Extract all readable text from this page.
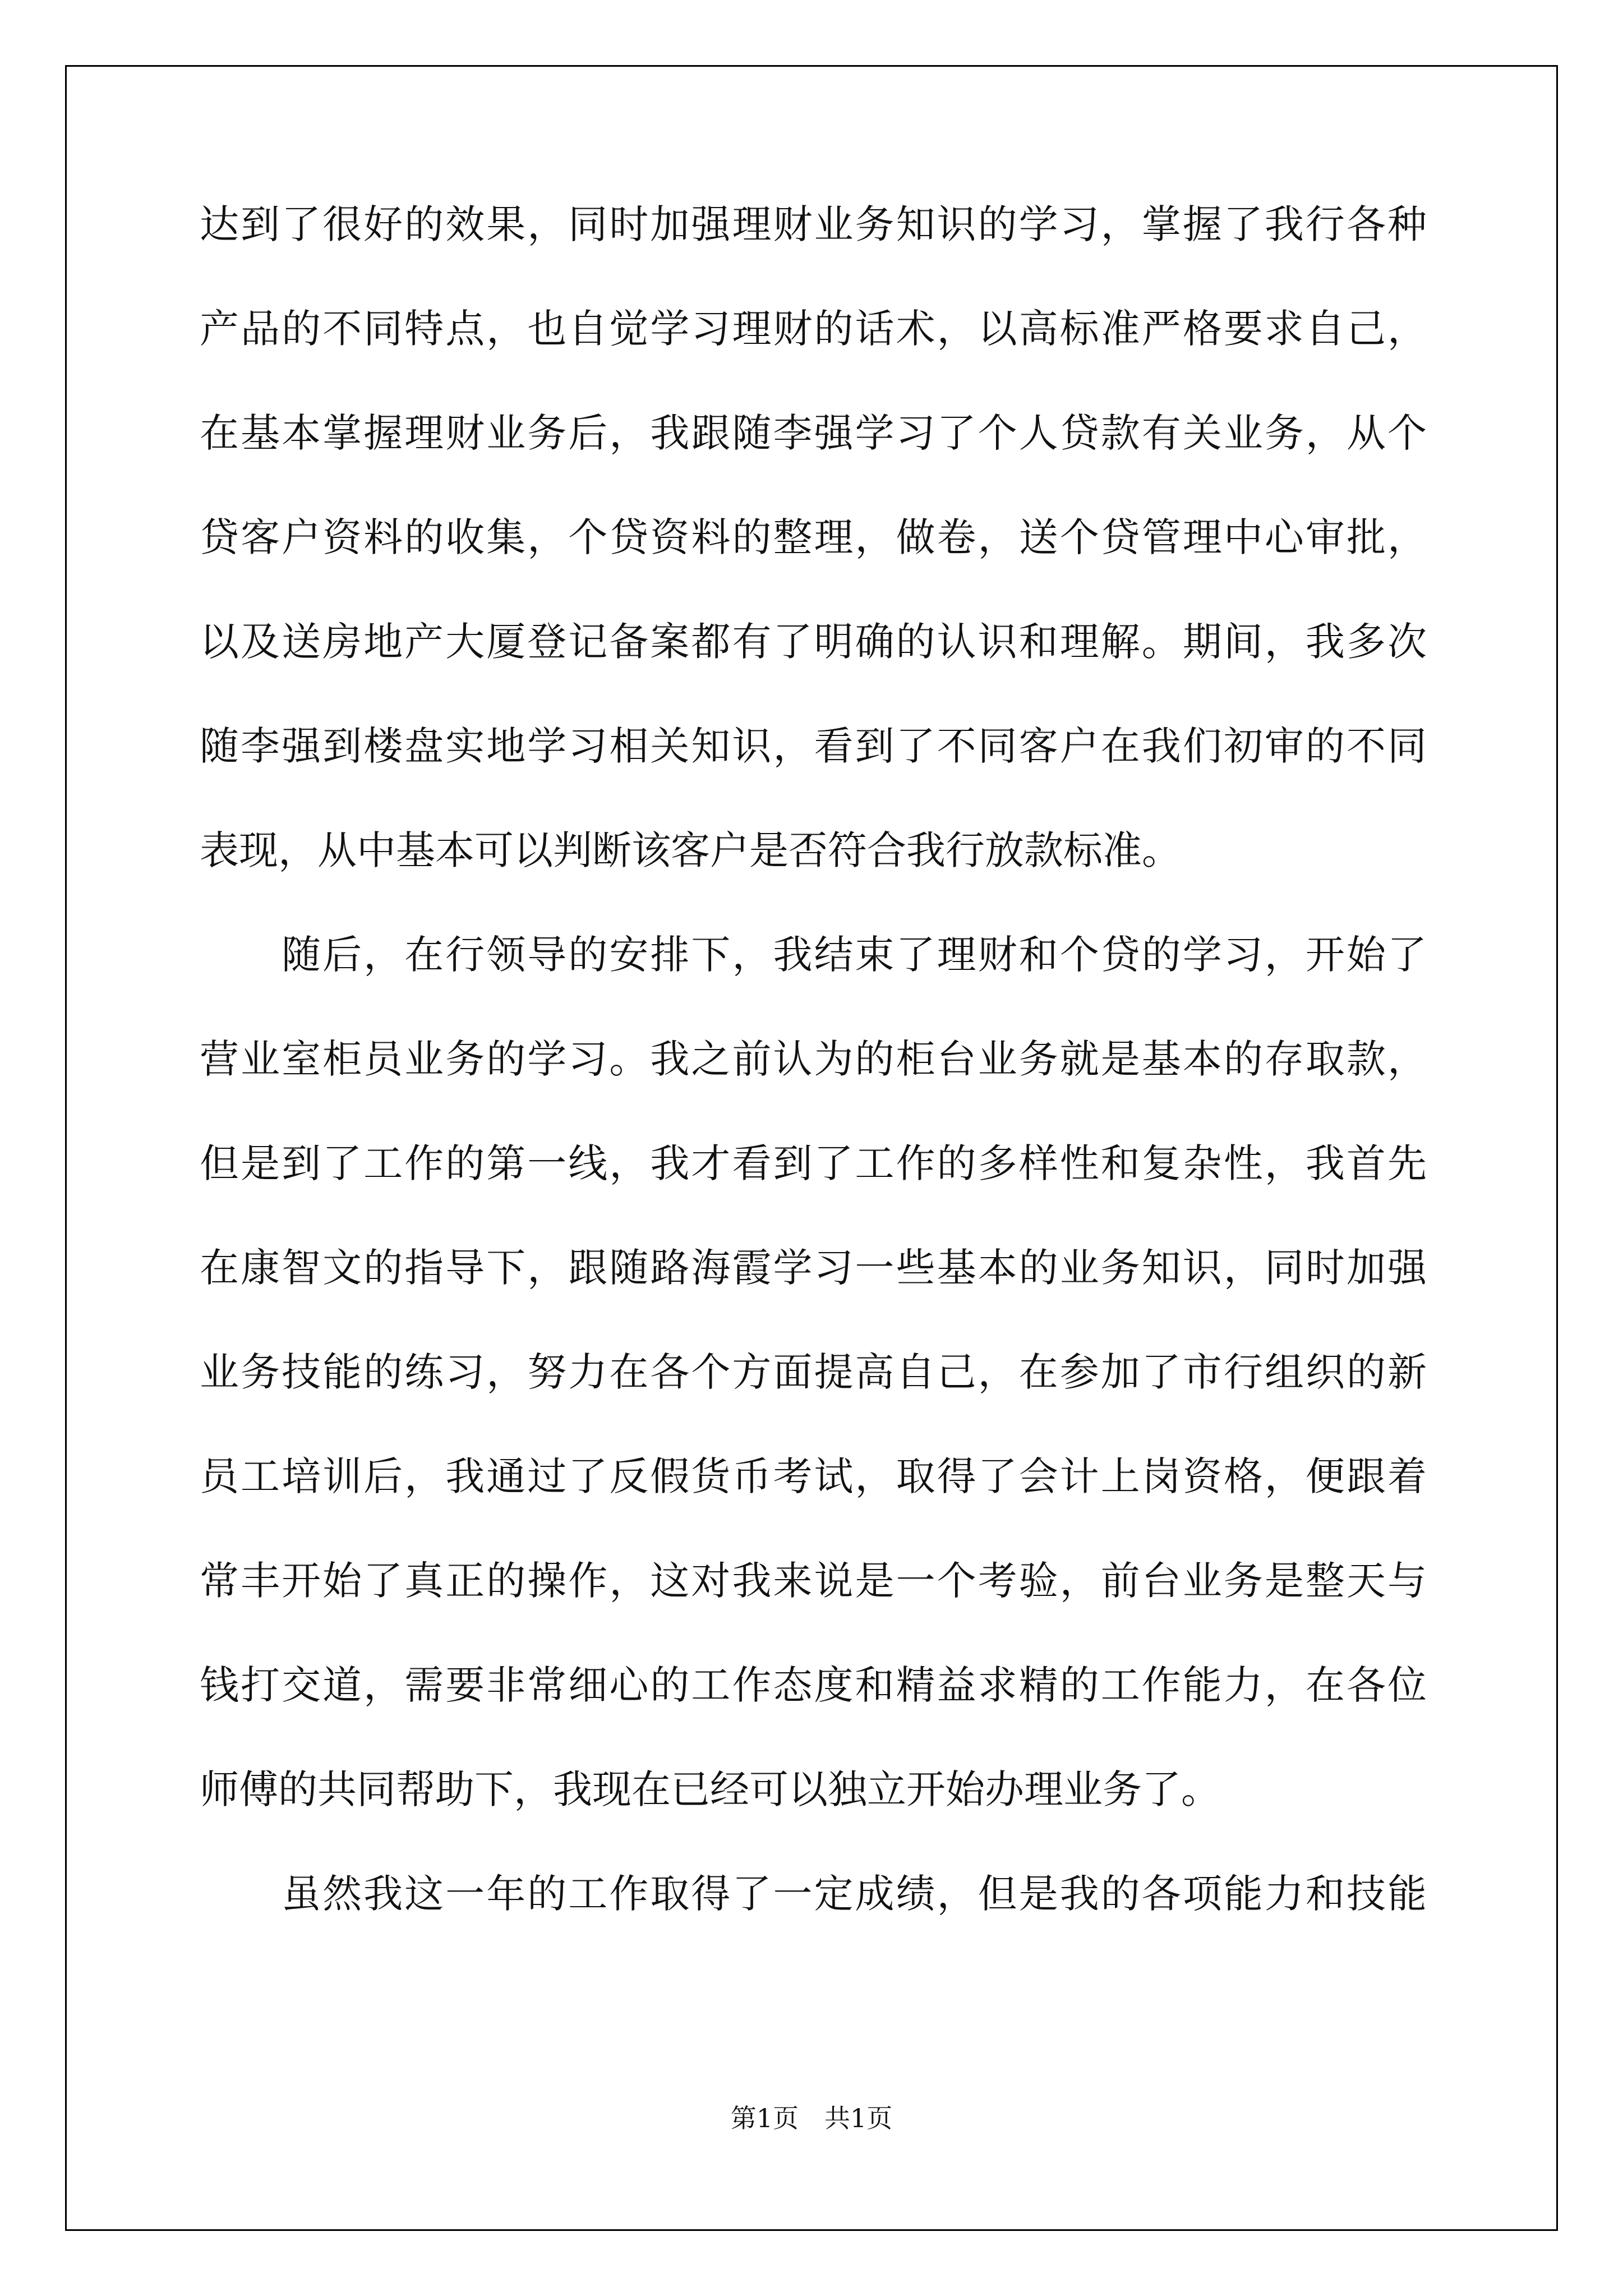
达到了很好的效果，同时加强理财业务知识的学习，掌握了我行各种
产品的不同特点，也自觉学习理财的话术，以高标准严格要求自己，
在基本掌握理财业务后，我跟随李强学习了个人贷款有关业务，从个
贷客户资料的收集，个贷资料的整理，做卷，送个贷管理中心审批，
以及送房地产大厦登记备案都有了明确的认识和理解。期间，我多次
随李强到楼盘实地学习相关知识，看到了不同客户在我们初审的不同
表现，从中基本可以判断该客户是否符合我行放款标准。
　　随后，在行领导的安排下，我结束了理财和个贷的学习，开始了
营业室柜员业务的学习。我之前认为的柜台业务就是基本的存取款，
但是到了工作的第一线，我才看到了工作的多样性和复杂性，我首先
在康智文的指导下，跟随路海霞学习一些基本的业务知识，同时加强
业务技能的练习，努力在各个方面提高自己，在参加了市行组织的新
员工培训后，我通过了反假货币考试，取得了会计上岗资格，便跟着
常丰开始了真正的操作，这对我来说是一个考验，前台业务是整天与
钱打交道，需要非常细心的工作态度和精益求精的工作能力，在各位
师傅的共同帮助下，我现在已经可以独立开始办理业务了。
　　虽然我这一年的工作取得了一定成绩，但是我的各项能力和技能
第1页　共1页
